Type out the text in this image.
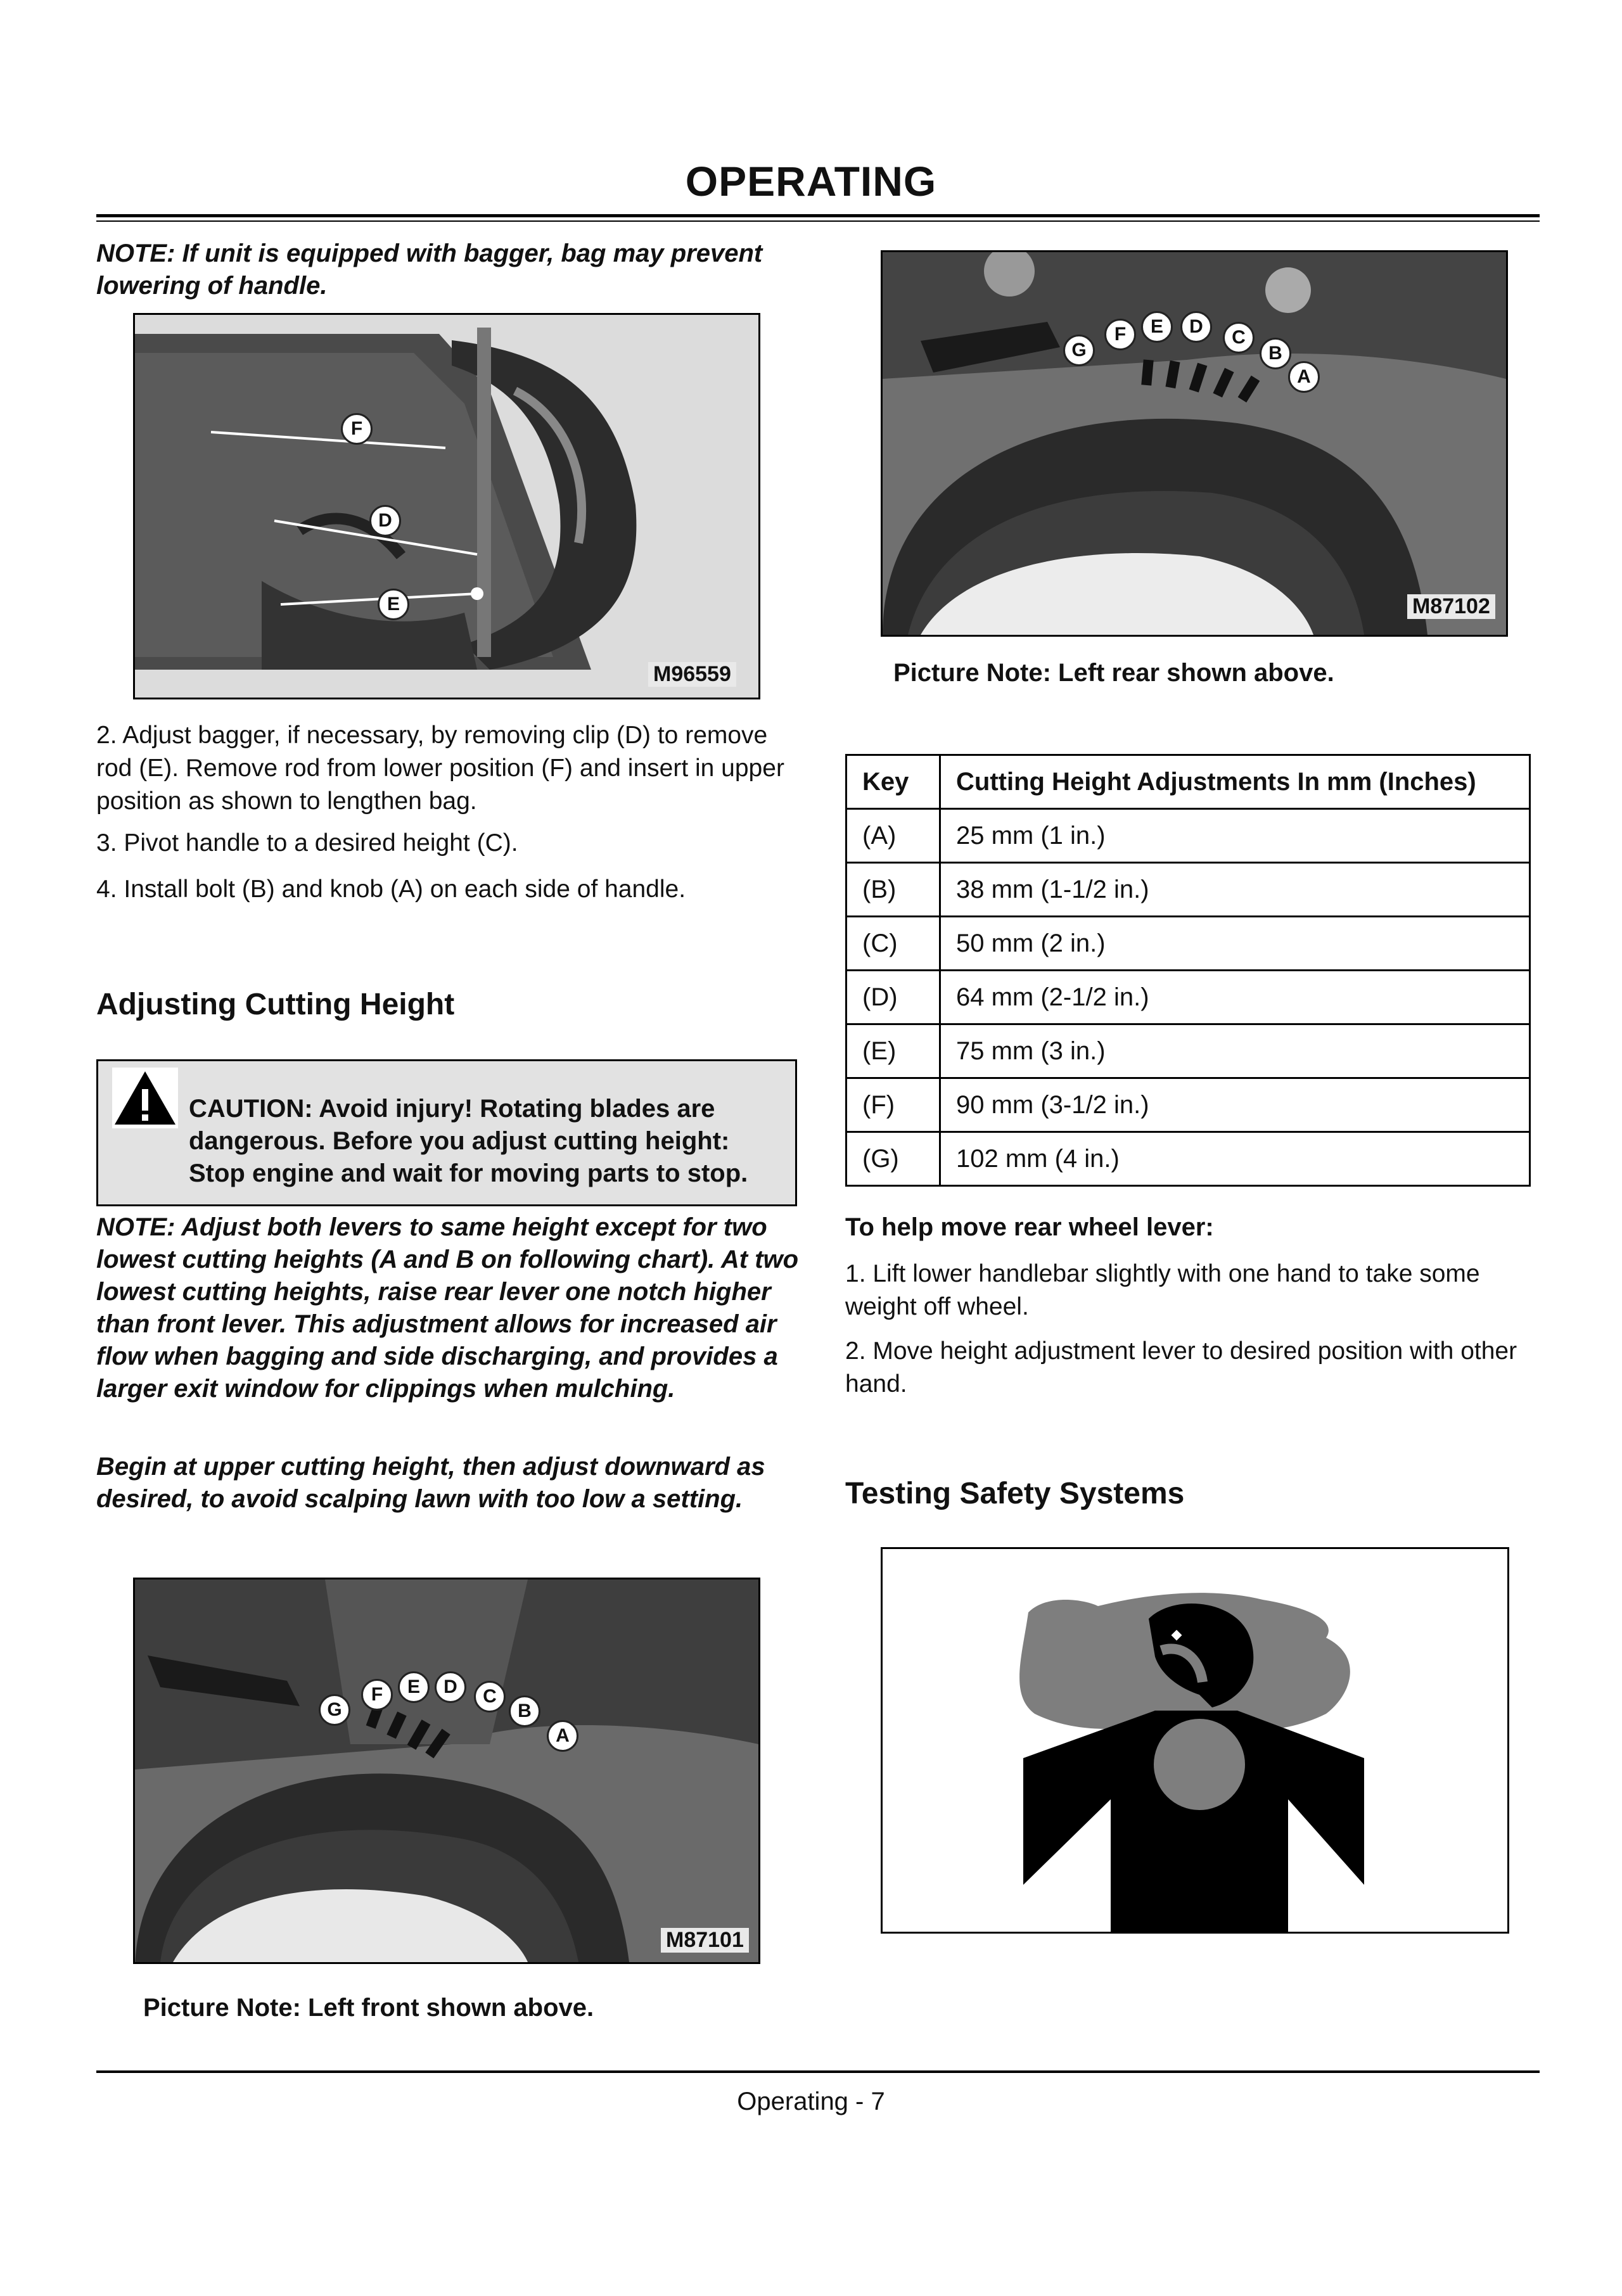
OPERATING
NOTE: If unit is equipped with bagger, bag may prevent lowering of handle.
F
D
E
M96559
2. Adjust bagger, if necessary, by removing clip (D) to remove rod (E). Remove rod from lower position (F) and insert in upper position as shown to lengthen bag.
3. Pivot handle to a desired height (C).
4. Install bolt (B) and knob (A) on each side of handle.
Adjusting Cutting Height
CAUTION: Avoid injury! Rotating blades are dangerous. Before you adjust cutting height: Stop engine and wait for moving parts to stop.
NOTE: Adjust both levers to same height except for two lowest cutting heights (A and B on following chart). At two lowest cutting heights, raise rear lever one notch higher than front lever. This adjustment allows for increased air flow when bagging and side discharging, and provides a larger exit window for clippings when mulching.
Begin at upper cutting height, then adjust downward as desired, to avoid scalping lawn with too low a setting.
G
F	E	D	C
B
A
M87101
Picture Note: Left front shown above.
G
F	E	D
C
B
A
M87102
Picture Note: Left rear shown above.
Key	Cutting Height Adjustments In mm (Inches)
(A)	25 mm (1 in.)
(B)	38 mm (1-1/2 in.)
(C)	50 mm (2 in.)
(D)	64 mm (2-1/2 in.)
(E)	75 mm (3 in.)
(F)	90 mm (3-1/2 in.)
(G)	102 mm (4 in.)
To help move rear wheel lever:
1. Lift lower handlebar slightly with one hand to take some weight off wheel.
2. Move height adjustment lever to desired position with other hand.
Testing Safety Systems
Operating - 7
